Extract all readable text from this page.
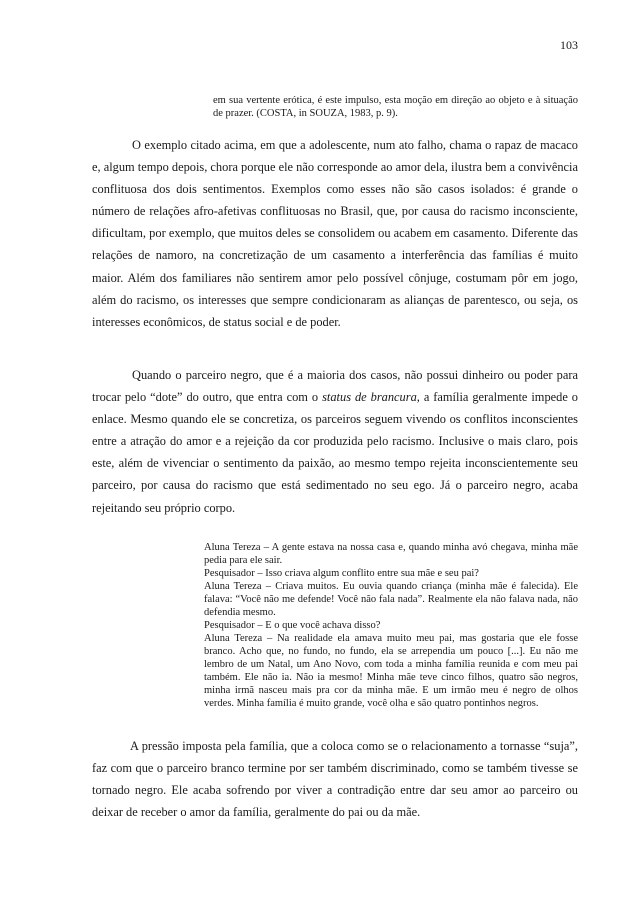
103
em sua vertente erótica, é este impulso, esta moção em direção ao objeto e à situação de prazer. (COSTA, in SOUZA, 1983, p. 9).

O exemplo citado acima, em que a adolescente, num ato falho, chama o rapaz de macaco e, algum tempo depois, chora porque ele não corresponde ao amor dela, ilustra bem a convivência conflituosa dos dois sentimentos. Exemplos como esses não são casos isolados: é grande o número de relações afro-afetivas conflituosas no Brasil, que, por causa do racismo inconsciente, dificultam, por exemplo, que muitos deles se consolidem ou acabem em casamento. Diferente das relações de namoro, na concretização de um casamento a interferência das famílias é muito maior. Além dos familiares não sentirem amor pelo possível cônjuge, costumam pôr em jogo, além do racismo, os interesses que sempre condicionaram as alianças de parentesco, ou seja, os interesses econômicos, de status social e de poder.

Quando o parceiro negro, que é a maioria dos casos, não possui dinheiro ou poder para trocar pelo “dote” do outro, que entra com o status de brancura, a família geralmente impede o enlace. Mesmo quando ele se concretiza, os parceiros seguem vivendo os conflitos inconscientes entre a atração do amor e a rejeição da cor produzida pelo racismo. Inclusive o mais claro, pois este, além de vivenciar o sentimento da paixão, ao mesmo tempo rejeita inconscientemente seu parceiro, por causa do racismo que está sedimentado no seu ego. Já o parceiro negro, acaba rejeitando seu próprio corpo.

Aluna Tereza – A gente estava na nossa casa e, quando minha avó chegava, minha mãe pedia para ele sair.

Pesquisador – Isso criava algum conflito entre sua mãe e seu pai?

Aluna Tereza – Criava muitos. Eu ouvia quando criança (minha mãe é falecida). Ele falava: “Você não me defende! Você não fala nada”. Realmente ela não falava nada, não defendia mesmo.

Pesquisador – E o que você achava disso?

Aluna Tereza – Na realidade ela amava muito meu pai, mas gostaria que ele fosse branco. Acho que, no fundo, no fundo, ela se arrependia um pouco [...]. Eu não me lembro de um Natal, um Ano Novo, com toda a minha família reunida e com meu pai também. Ele não ia. Não ia mesmo! Minha mãe teve cinco filhos, quatro são negros, minha irmã nasceu mais pra cor da minha mãe. E um irmão meu é negro de olhos verdes. Minha família é muito grande, você olha e são quatro pontinhos negros.

A pressão imposta pela família, que a coloca como se o relacionamento a tornasse “suja”, faz com que o parceiro branco termine por ser também discriminado, como se também tivesse se tornado negro. Ele acaba sofrendo por viver a contradição entre dar seu amor ao parceiro ou deixar de receber o amor da família, geralmente do pai ou da mãe.
